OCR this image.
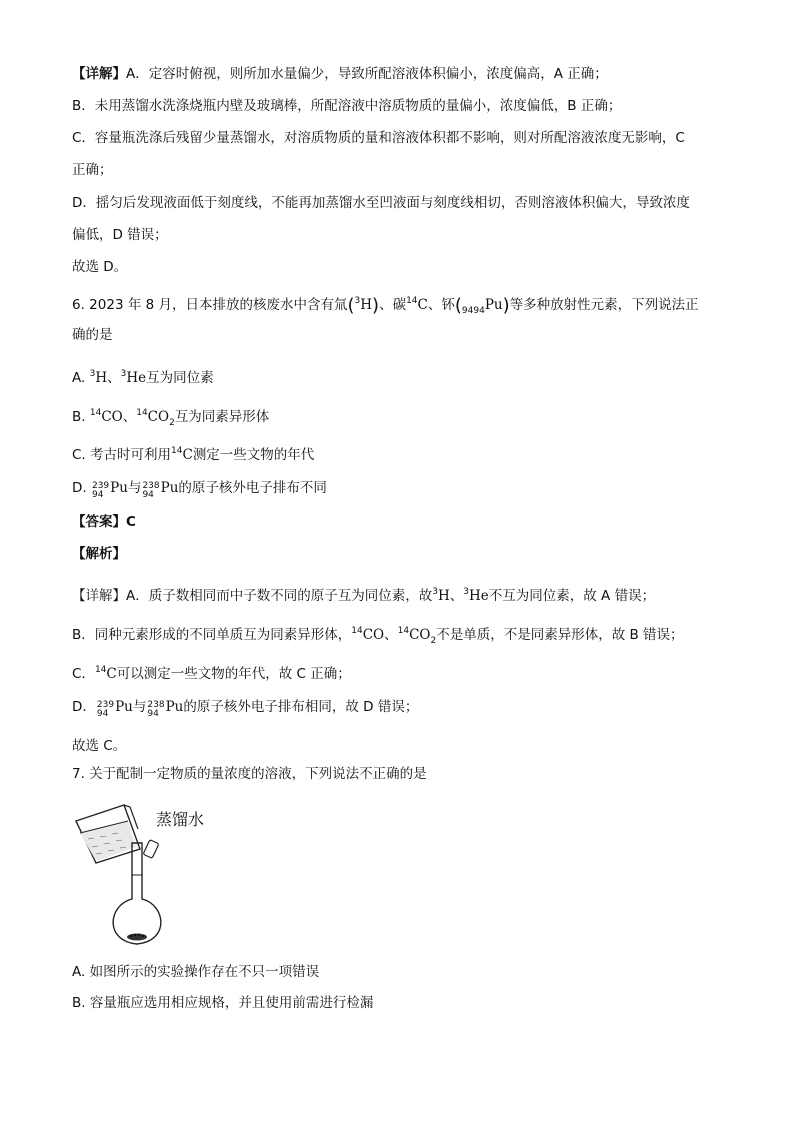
【详解】A．定容时俯视，则所加水量偏少，导致所配溶液体积偏小，浓度偏高，A 正确；
B．未用蒸馏水洗涤烧瓶内壁及玻璃棒，所配溶液中溶质物质的量偏小，浓度偏低，B 正确；
C．容量瓶洗涤后残留少量蒸馏水，对溶质物质的量和溶液体积都不影响，则对所配溶液浓度无影响，C
正确；
D．摇匀后发现液面低于刻度线，不能再加蒸馏水至凹液面与刻度线相切，否则溶液体积偏大，导致浓度
偏低，D 错误；
故选 D。
6. 2023 年 8 月，日本排放的核废水中含有氚($^3$H)、碳$^{14}$C、钚$(_{9494}Pu)$等多种放射性元素，下列说法正
确的是
A. $^3$H、$^3$He互为同位素
B. $^{14}$CO、$^{14}CO_2$互为同素异形体
C. 考古时可利用$^{14}$C测定一些文物的年代
D. 239
94 Pu与 238
94 Pu的原子核外电子排布不同
【答案】C
【解析】
【详解】A．质子数相同而中子数不同的原子互为同位素，故$^3$H、$^3$He不互为同位素，故 A 错误；
B．同种元素形成的不同单质互为同素异形体，$^{14}$CO、$^{14}CO_2$不是单质，不是同素异形体，故 B 错误；
C．$^{14}$C可以测定一些文物的年代，故 C 正确；
D． 239
94 Pu与 238
94 Pu的原子核外电子排布相同，故 D 错误；
故选 C。
7. 关于配制一定物质的量浓度的溶液，下列说法不正确的是
A. 如图所示的实验操作存在不只一项错误
B. 容量瓶应选用相应规格，并且使用前需进行检漏
蒸馏水
